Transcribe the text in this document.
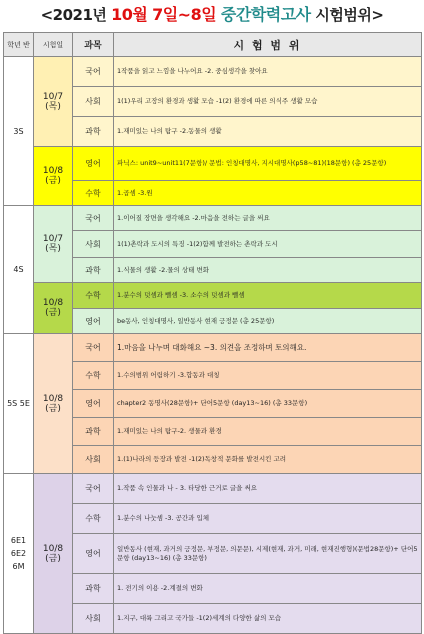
<2021년 10월 7일~8일 중간학력고사 시험범위>
학년 반	시험일	과목	시 험 범 위
3S	10/7 (목)	국어	1작품을 읽고 느낌을 나누어요 -2. 중심생각을 찾아요
		사회	1(1)우리 고장의 환경과 생활 모습 -1(2) 환경에 따른 의식주 생활 모습
		과학	1.재미있는 나의 탐구 -2.동물의 생활
	10/8 (금)	영어	파닉스: unit9~unit11(7문항)/ 문법: 인칭대명사, 지시대명사(p58~81)(18문항) (총 25문항)
		수학	1.곱셈 -3.원
4S	10/7 (목)	국어	1.이어질 장면을 생각해요 -2.마음을 전하는 글을 써요
		사회	1(1)촌락과 도시의 특징 -1(2)함께 발전하는 촌락과 도시
		과학	1.식물의 생활 -2.물의 상태 변화
	10/8 (금)	수학	1.분수의 덧셈과 뺄셈 -3. 소수의 덧셈과 뺄셈
		영어	be동사, 인칭대명사, 일반동사 현재 긍정문 (총 25문항)
5S 5E	10/8 (금)	국어	1.마음을 나누며 대화해요 ~3. 의견을 조정하며 토의해요.
		수학	1.수의범위 어림하기 -3.합동과 대칭
		영어	chapter2 동명사(28문항)+ 단어5문항 (day13~16) (총 33문항)
		과학	1.재미있는 나의 탐구-2. 생물과 환경
		사회	1.(1)나라의 등장과 발전 -1(2)독창적 문화를 발전시킨 고려
6E1 6E2 6M	10/8 (금)	국어	1.작품 속 인물과 나 - 3. 타당한 근거로 글을 써요
		수학	1.분수의 나눗셈 -3. 공간과 입체
		영어	일반동사 (현재, 과거의 긍정문, 부정문, 의문문), 시제(현재, 과거, 미래, 현재진행형)(문법28문항)+ 단어5문항 (day13~16) (총 33문항)
		과학	1. 전기의 이용 -2.계절의 변화
		사회	1.지구, 대륙 그리고 국가들 -1(2)세계의 다양한 삶의 모습
